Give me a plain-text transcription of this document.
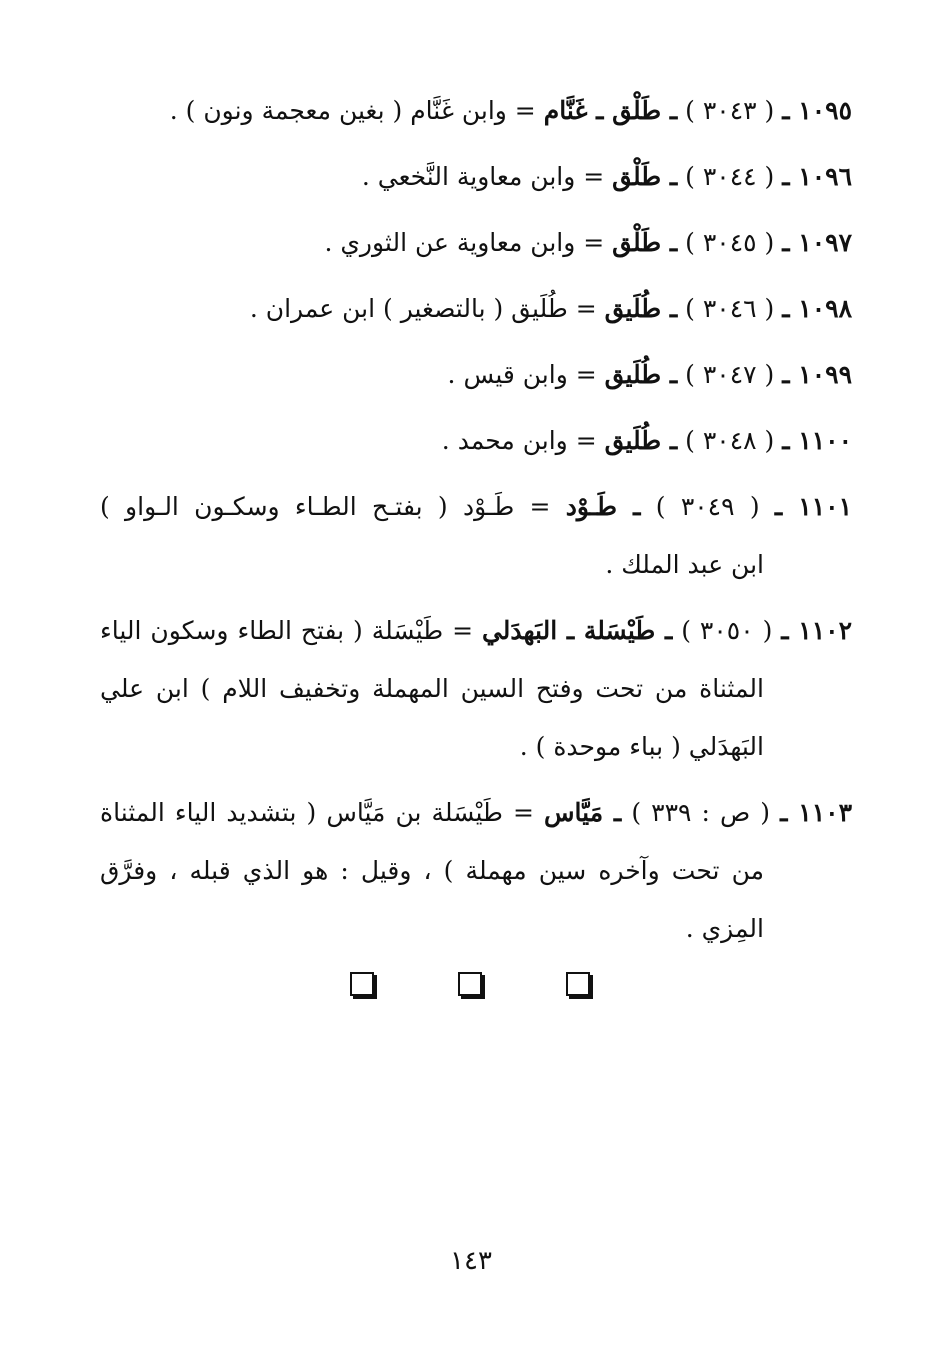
١٠٩٥ ـ ( ٣٠٤٣ ) ـ طَلْق ـ غَنَّام = وابن غَنَّام ( بغين معجمة ونون ) .
١٠٩٦ ـ ( ٣٠٤٤ ) ـ طَلْق = وابن معاوية النَّخعي .
١٠٩٧ ـ ( ٣٠٤٥ ) ـ طَلْق = وابن معاوية عن الثوري .
١٠٩٨ ـ ( ٣٠٤٦ ) ـ طُلَيق = طُلَيق ( بالتصغير ) ابن عمران .
١٠٩٩ ـ ( ٣٠٤٧ ) ـ طُلَيق = وابن قيس .
١١٠٠ ـ ( ٣٠٤٨ ) ـ طُلَيق = وابن محمد .
١١٠١ ـ ( ٣٠٤٩ ) ـ طَـوْد = طَـوْد ( بفتـح الطـاء وسكـون الـواو )
ابن عبد الملك .
١١٠٢ ـ ( ٣٠٥٠ ) ـ طَيْسَلة ـ البَهدَلي = طَيْسَلة ( بفتح الطاء وسكون الياء
المثناة من تحت وفتح السين المهملة وتخفيف اللام ) ابن علي
البَهدَلي ( بباء موحدة ) .
١١٠٣ ـ ( ص : ٣٣٩ ) ـ مَيَّاس = طَيْسَلة بن مَيَّاس ( بتشديد الياء المثناة
من تحت وآخره سين مهملة ) ، وقيل : هو الذي قبله ، وفرَّق
المِزي .
١٤٣
